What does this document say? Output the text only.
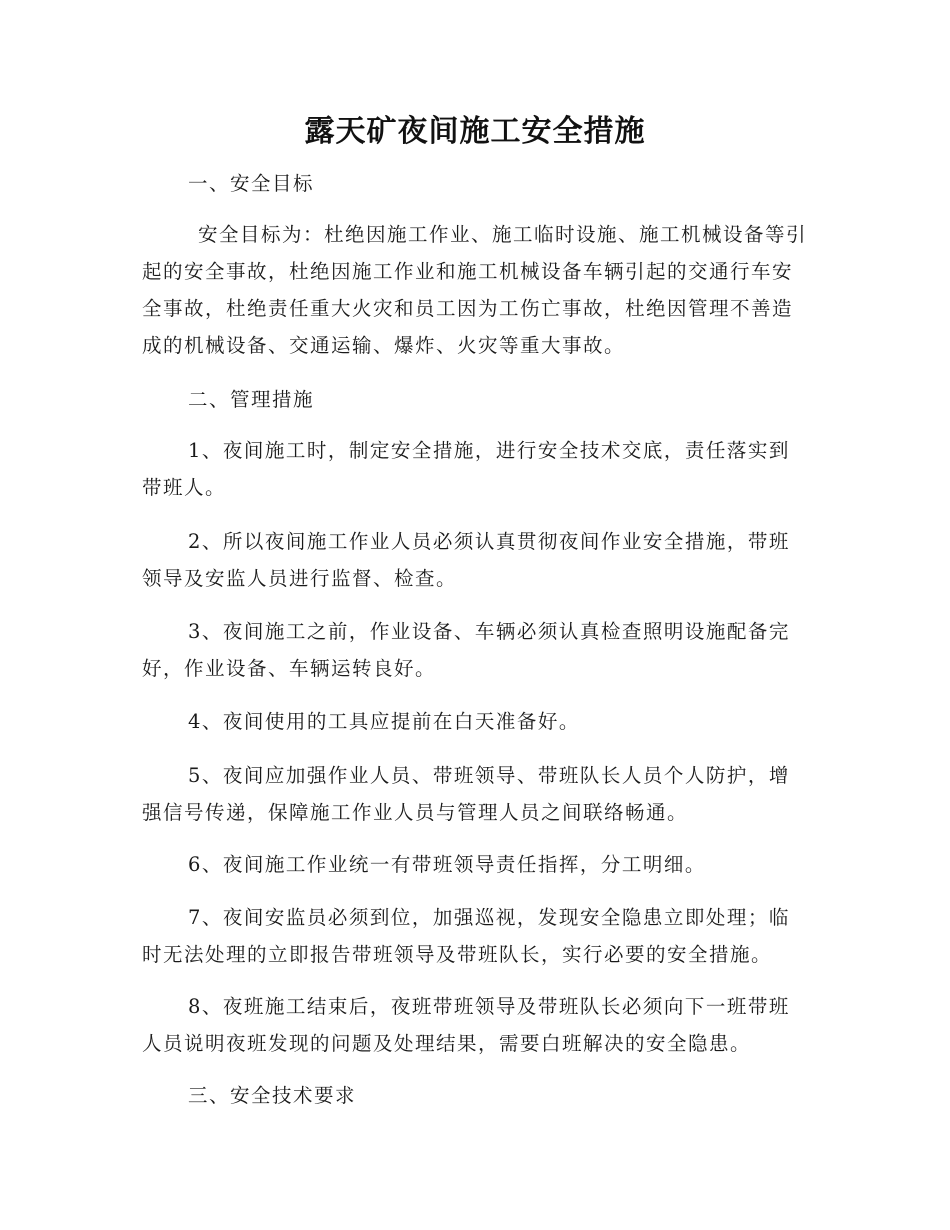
露天矿夜间施工安全措施

一、安全目标

安全目标为：杜绝因施工作业、施工临时设施、施工机械设备等引起的安全事故，杜绝因施工作业和施工机械设备车辆引起的交通行车安全事故，杜绝责任重大火灾和员工因为工伤亡事故，杜绝因管理不善造成的机械设备、交通运输、爆炸、火灾等重大事故。

二、管理措施

1、夜间施工时，制定安全措施，进行安全技术交底，责任落实到带班人。

2、所以夜间施工作业人员必须认真贯彻夜间作业安全措施，带班领导及安监人员进行监督、检查。

3、夜间施工之前，作业设备、车辆必须认真检查照明设施配备完好，作业设备、车辆运转良好。

4、夜间使用的工具应提前在白天准备好。

5、夜间应加强作业人员、带班领导、带班队长人员个人防护，增强信号传递，保障施工作业人员与管理人员之间联络畅通。

6、夜间施工作业统一有带班领导责任指挥，分工明细。

7、夜间安监员必须到位，加强巡视，发现安全隐患立即处理；临时无法处理的立即报告带班领导及带班队长，实行必要的安全措施。

8、夜班施工结束后，夜班带班领导及带班队长必须向下一班带班人员说明夜班发现的问题及处理结果，需要白班解决的安全隐患。

三、安全技术要求
